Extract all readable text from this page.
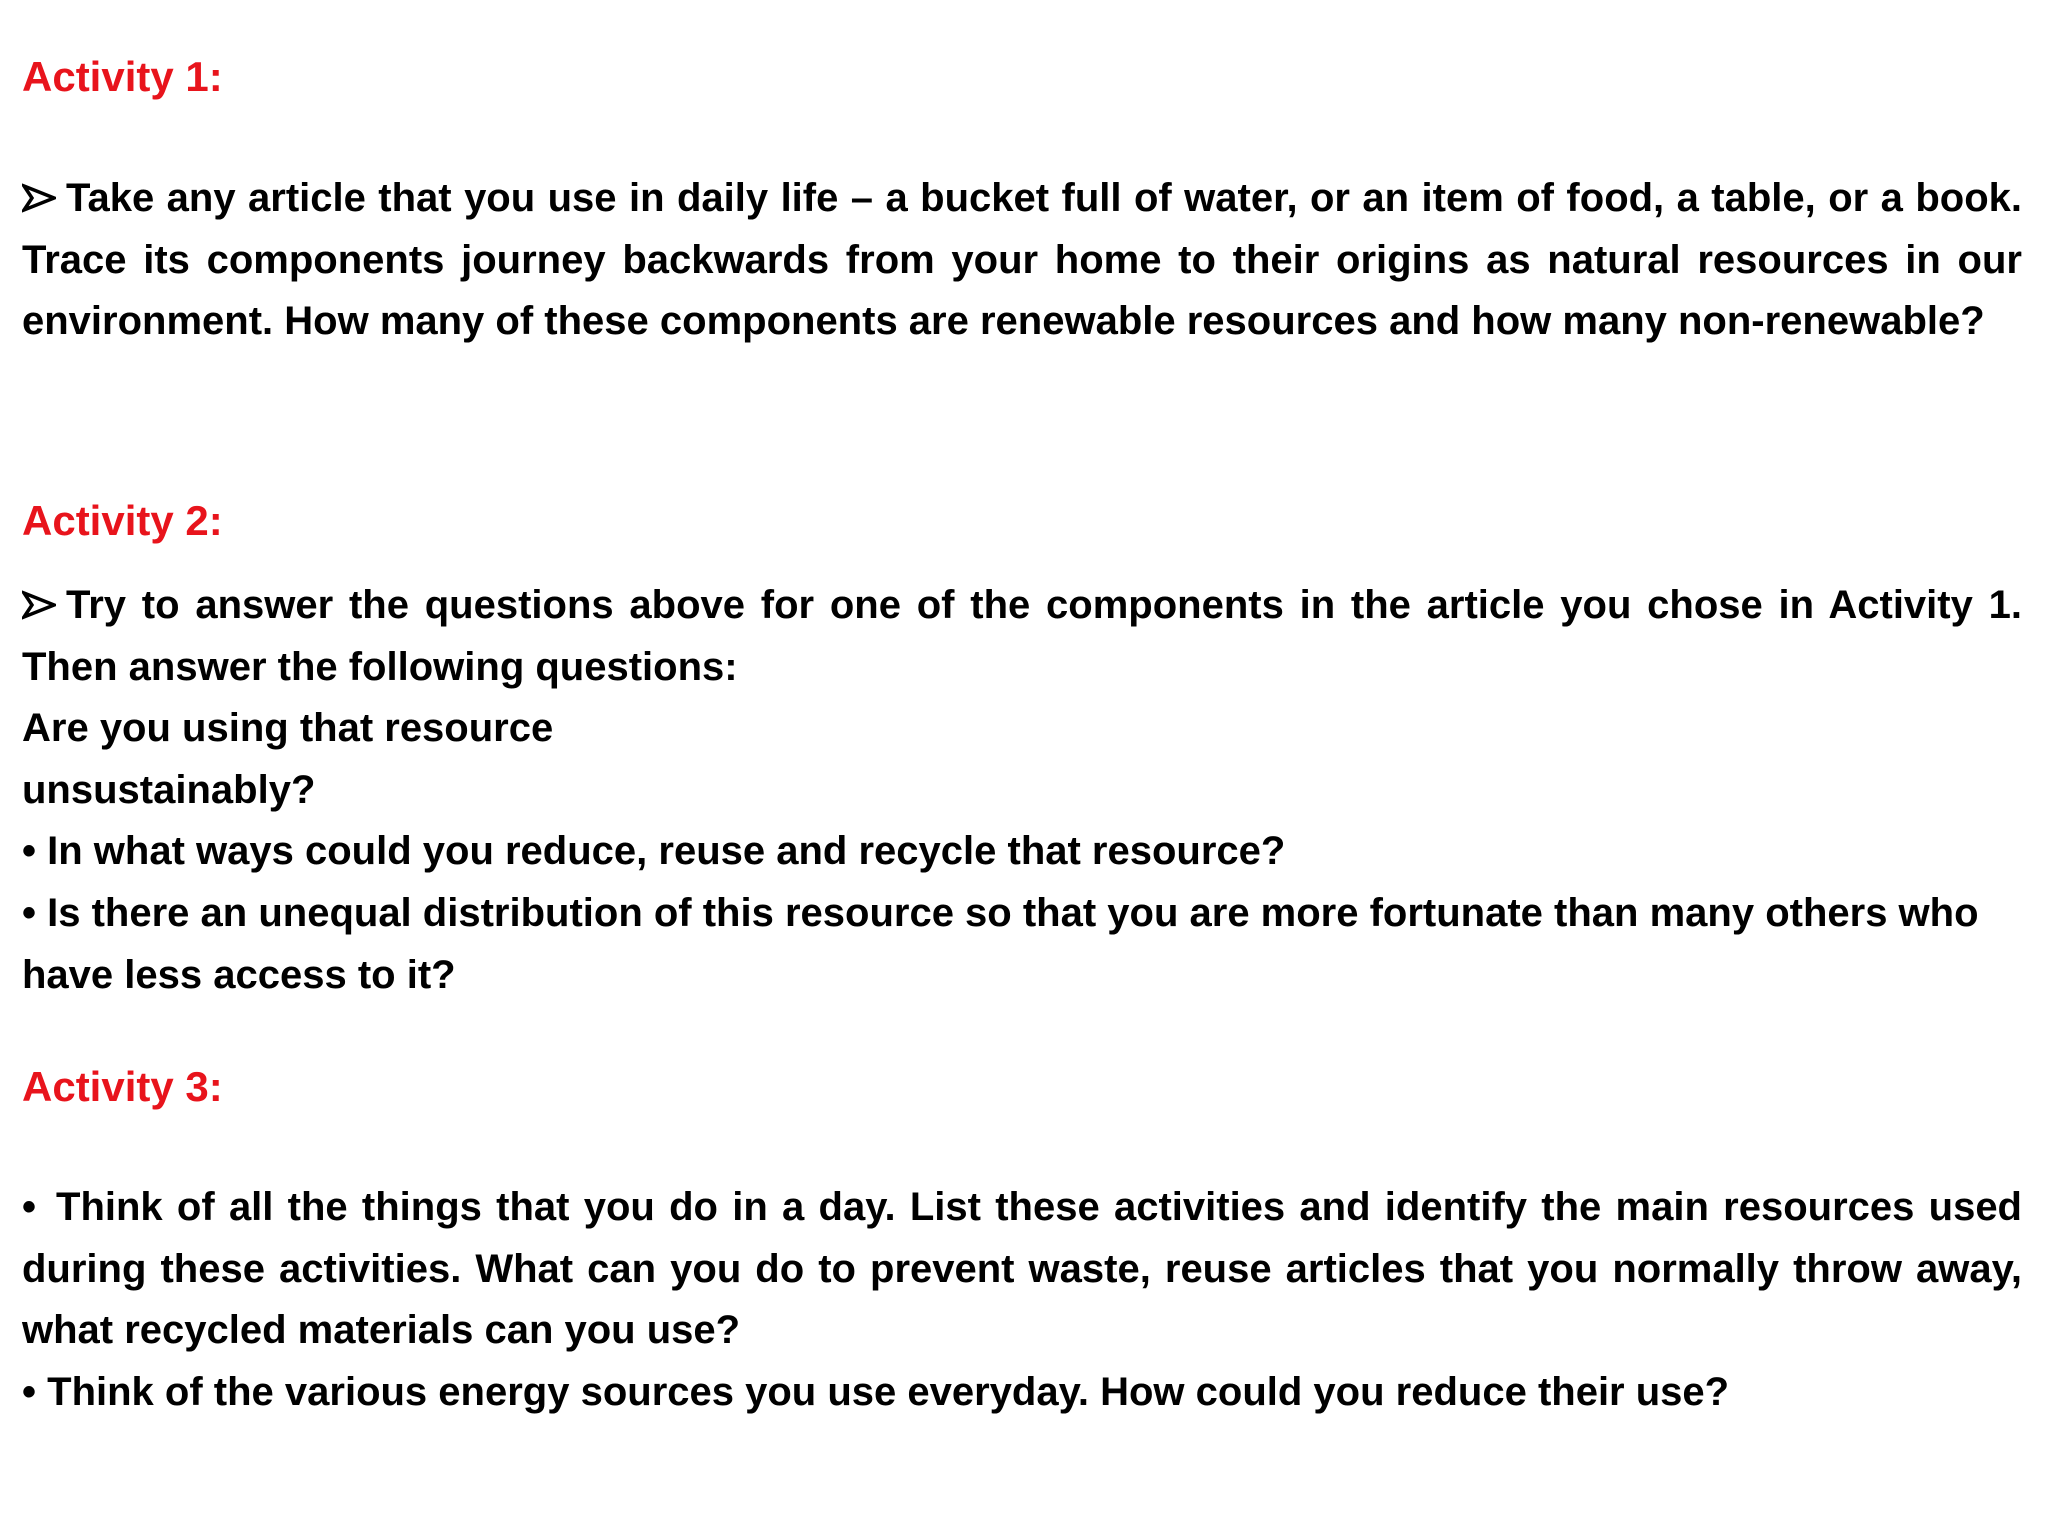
Activity 1:

Take any article that you use in daily life – a bucket full of water, or an item of food, a table, or a book. Trace its components journey backwards from your home to their origins as natural resources in our environment. How many of these components are renewable resources and how many non-renewable?

Activity 2:

Try to answer the questions above for one of the components in the article you chose in Activity 1. Then answer the following questions:

Are you using that resource
unsustainably?
• In what ways could you reduce, reuse and recycle that resource?

• Is there an unequal distribution of this resource so that you are more fortunate than many others who have less access to it?

Activity 3:

• Think of all the things that you do in a day. List these activities and identify the main resources used during these activities. What can you do to prevent waste, reuse articles that you normally throw away, what recycled materials can you use?

• Think of the various energy sources you use everyday. How could you reduce their use?
